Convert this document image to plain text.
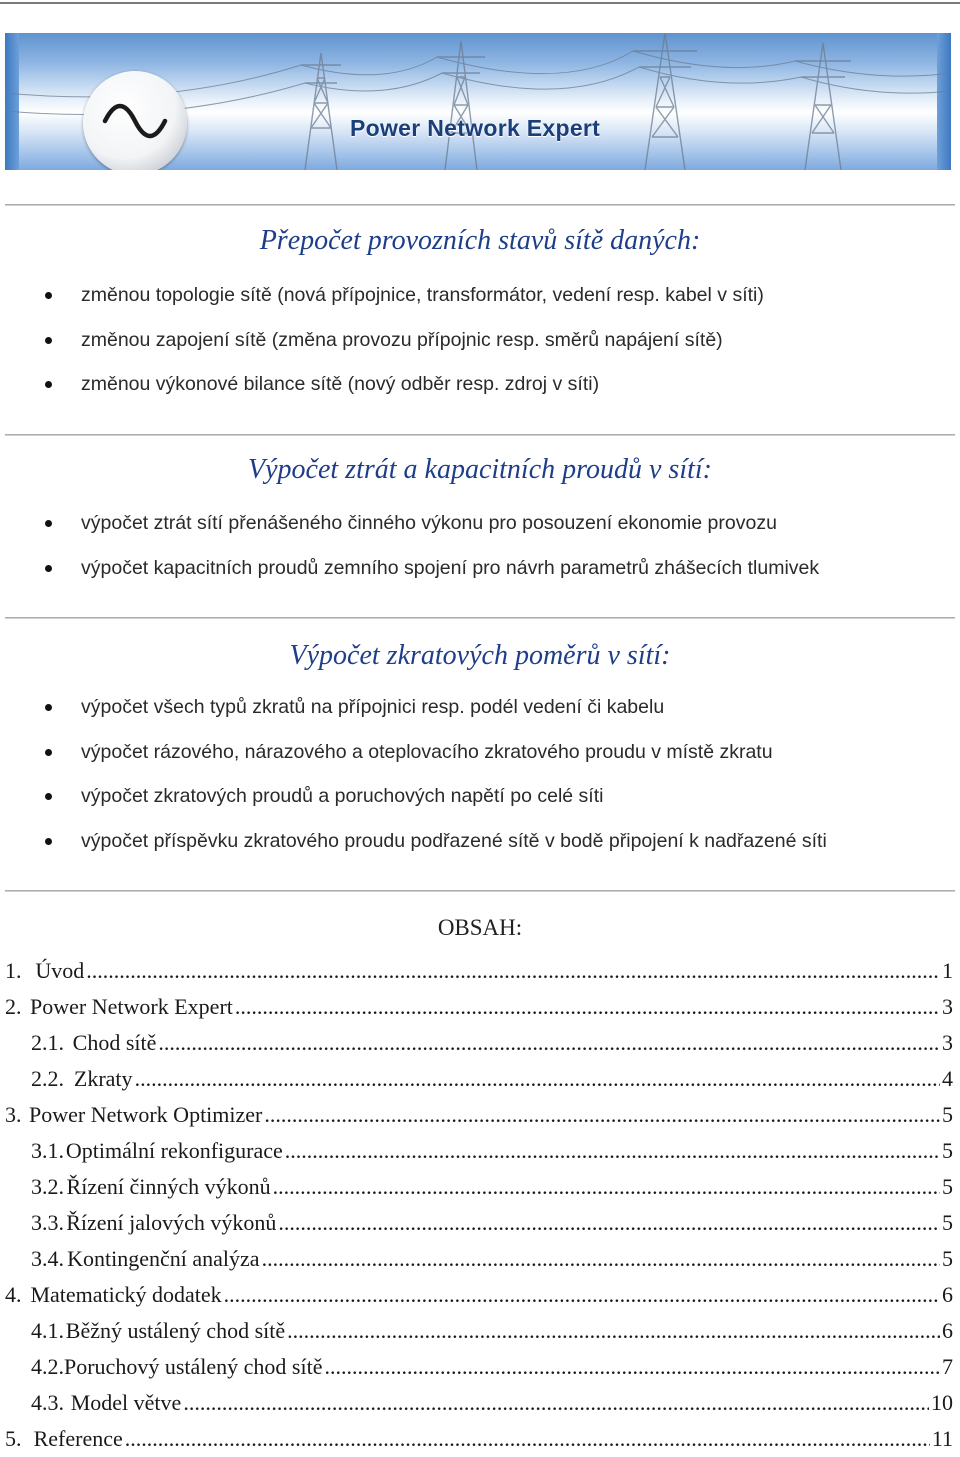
Power Network Expert
Přepočet provozních stavů sítě daných:
změnou topologie sítě (nová přípojnice, transformátor, vedení resp. kabel v síti)
změnou zapojení sítě (změna provozu přípojnic resp. směrů napájení sítě)
změnou výkonové bilance sítě (nový odběr resp. zdroj v síti)
Výpočet ztrát a kapacitních proudů v sítí:
výpočet ztrát sítí přenášeného činného výkonu pro posouzení ekonomie provozu
výpočet kapacitních proudů zemního spojení pro návrh parametrů zhášecích tlumivek
Výpočet zkratových poměrů v sítí:
výpočet všech typů zkratů na přípojnici resp. podél vedení či kabelu
výpočet rázového, nárazového a oteplovacího zkratového proudu v místě zkratu
výpočet zkratových proudů a poruchových napětí po celé síti
výpočet příspěvku zkratového proudu podřazené sítě v bodě připojení k nadřazené síti
OBSAH:
1. Úvod .....	1
2. Power Network Expert .....	3
2.1. Chod sítě .....	3
2.2. Zkraty .....	4
3. Power Network Optimizer .....	5
3.1. Optimální rekonfigurace .....	5
3.2. Řízení činných výkonů .....	5
3.3. Řízení jalových výkonů .....	5
3.4. Kontingenční analýza .....	5
4. Matematický dodatek .....	6
4.1. Běžný ustálený chod sítě .....	6
4.2. Poruchový ustálený chod sítě .....	7
4.3. Model větve .....	10
5. Reference .....	11
